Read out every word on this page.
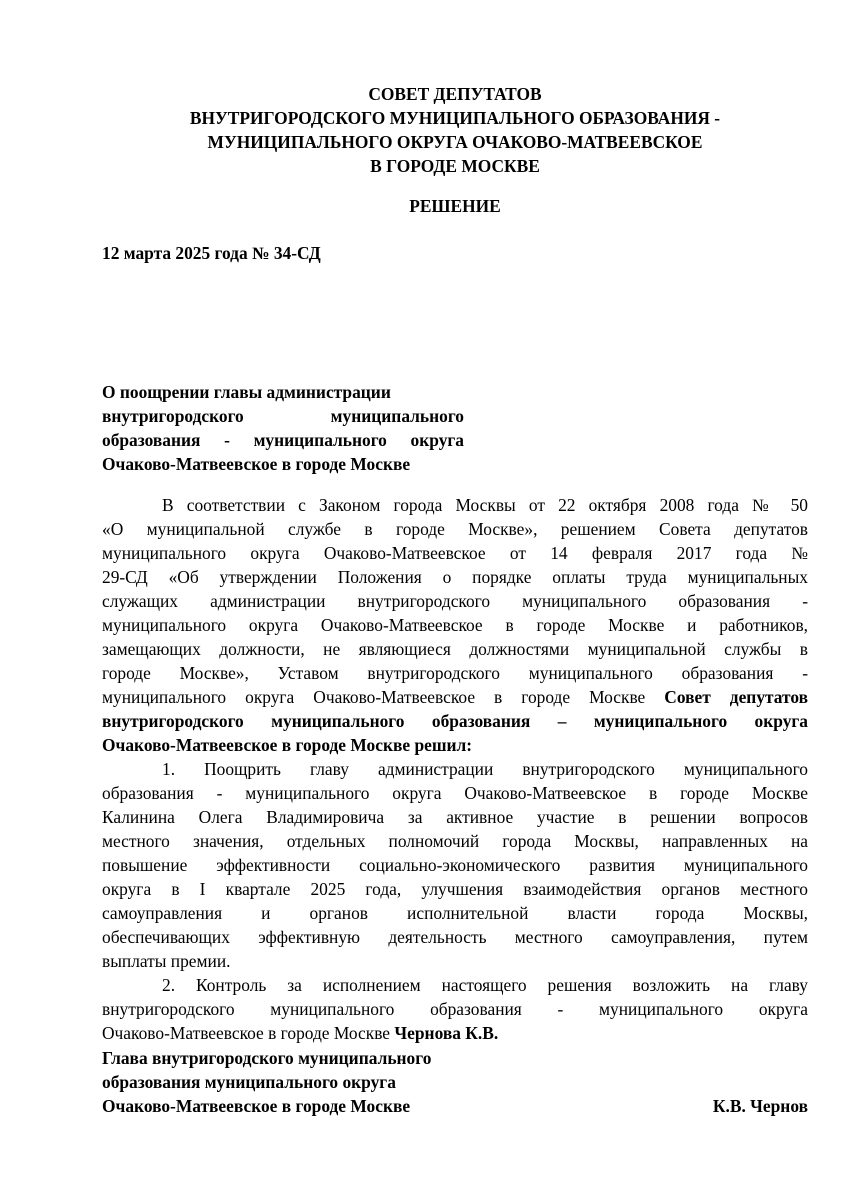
СОВЕТ ДЕПУТАТОВ
ВНУТРИГОРОДСКОГО МУНИЦИПАЛЬНОГО ОБРАЗОВАНИЯ -
МУНИЦИПАЛЬНОГО ОКРУГА ОЧАКОВО-МАТВЕЕВСКОЕ
В ГОРОДЕ МОСКВЕ
РЕШЕНИЕ
12 марта 2025 года № 34-СД
О поощрении главы администрации
внутригородского муниципального
образования - муниципального округа
Очаково-Матвеевское в городе Москве
В соответствии с Законом города Москвы от 22 октября 2008 года № 50
«О муниципальной службе в городе Москве», решением Совета депутатов
муниципального округа Очаково-Матвеевское от 14 февраля 2017 года №
29-СД «Об утверждении Положения о порядке оплаты труда муниципальных
служащих администрации внутригородского муниципального образования -
муниципального округа Очаково-Матвеевское в городе Москве и работников,
замещающих должности, не являющиеся должностями муниципальной службы в
городе Москве», Уставом внутригородского муниципального образования -
муниципального округа Очаково-Матвеевское в городе Москве Совет депутатов
внутригородского муниципального образования – муниципального округа
Очаково-Матвеевское в городе Москве решил:
1. Поощрить главу администрации внутригородского муниципального
образования - муниципального округа Очаково-Матвеевское в городе Москве
Калинина Олега Владимировича за активное участие в решении вопросов
местного значения, отдельных полномочий города Москвы, направленных на
повышение эффективности социально-экономического развития муниципального
округа в I квартале 2025 года, улучшения взаимодействия органов местного
самоуправления и органов исполнительной власти города Москвы,
обеспечивающих эффективную деятельность местного самоуправления, путем
выплаты премии.
2. Контроль за исполнением настоящего решения возложить на главу
внутригородского муниципального образования - муниципального округа
Очаково-Матвеевское в городе Москве Чернова К.В.
Глава внутригородского муниципального
образования муниципального округа
Очаково-Матвеевское в городе Москве	К.В. Чернов
